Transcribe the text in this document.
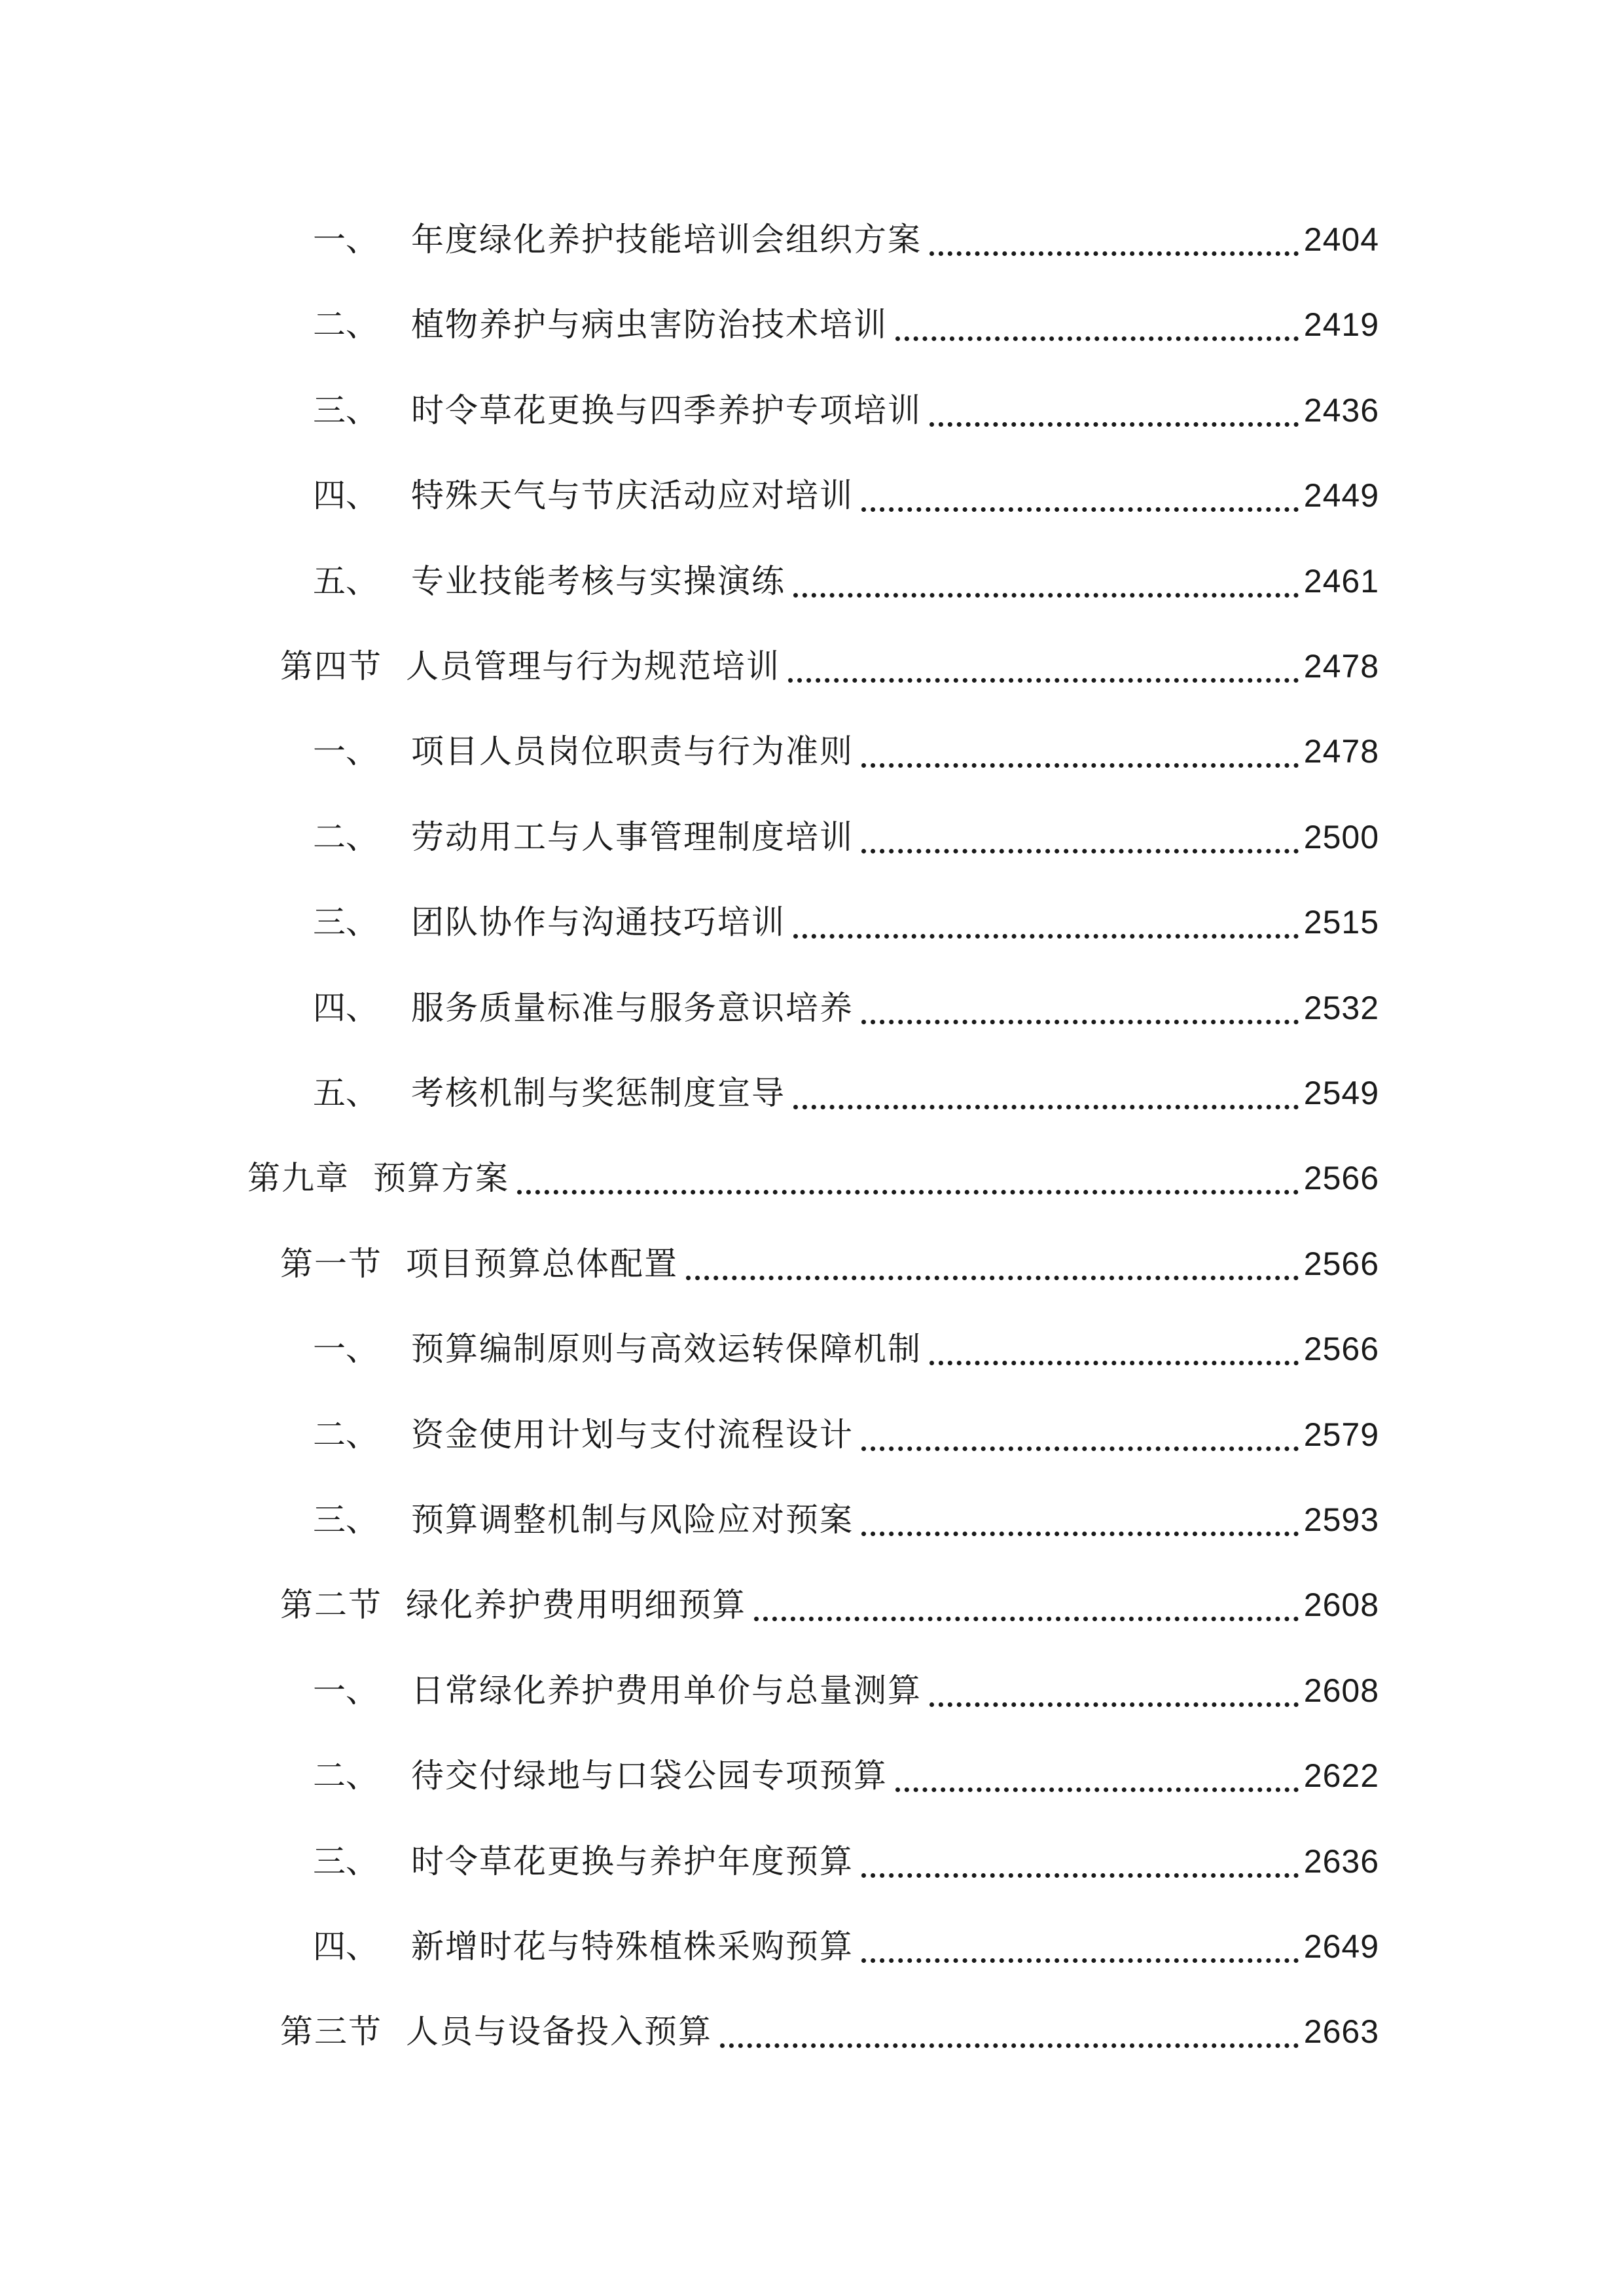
一、	年度绿化养护技能培训会组织方案	2404
二、	植物养护与病虫害防治技术培训	2419
三、	时令草花更换与四季养护专项培训	2436
四、	特殊天气与节庆活动应对培训	2449
五、	专业技能考核与实操演练	2461
第四节 人员管理与行为规范培训	2478
一、	项目人员岗位职责与行为准则	2478
二、	劳动用工与人事管理制度培训	2500
三、	团队协作与沟通技巧培训	2515
四、	服务质量标准与服务意识培养	2532
五、	考核机制与奖惩制度宣导	2549
第九章 预算方案	2566
第一节 项目预算总体配置	2566
一、	预算编制原则与高效运转保障机制	2566
二、	资金使用计划与支付流程设计	2579
三、	预算调整机制与风险应对预案	2593
第二节 绿化养护费用明细预算	2608
一、	日常绿化养护费用单价与总量测算	2608
二、	待交付绿地与口袋公园专项预算	2622
三、	时令草花更换与养护年度预算	2636
四、	新增时花与特殊植株采购预算	2649
第三节 人员与设备投入预算	2663
